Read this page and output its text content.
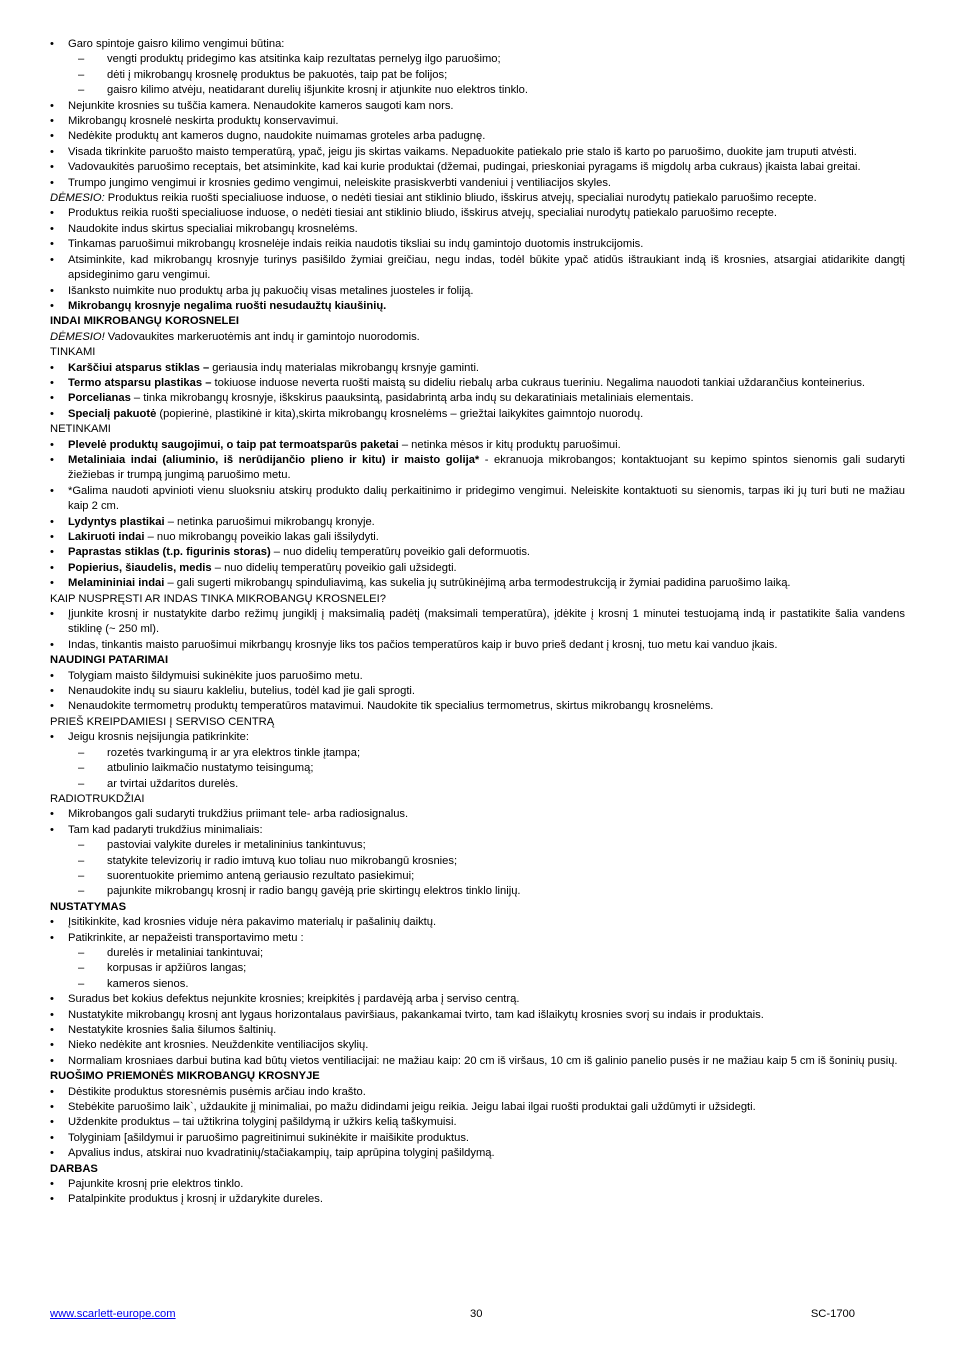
• Garo spintoje gaisro kilimo vengimui būtina:
– vengti produktų pridegimo kas atsitinka kaip rezultatas pernelyg ilgo paruošimo;
– dėti į mikrobangų krosnelę produktus be pakuotės, taip pat be folijos;
– gaisro kilimo atvėju, neatidarant durelių išjunkite krosnį ir atjunkite nuo elektros tinklo.
• Nejunkite krosnies su tuščia kamera. Nenaudokite kameros saugoti kam nors.
• Mikrobangų krosnelė neskirta produktų konservavimui.
• Nedėkite produktų ant kameros dugno, naudokite nuimamas groteles arba padugnę.
• Visada tikrinkite paruošto maisto temperatūrą, ypač, jeigu jis skirtas vaikams. Nepaduokite patiekalo prie stalo iš karto po paruošimo, duokite jam truputi atvėsti.
• Vadovaukitės paruošimo receptais, bet atsiminkite, kad kai kurie produktai (džemai, pudingai, prieskoniai pyragams iš migdolų arba cukraus) įkaista labai greitai.
• Trumpo jungimo vengimui ir krosnies gedimo vengimui, neleiskite prasiskverbti vandeniui į ventiliacijos skyles.
DĖMESIO: Produktus reikia ruošti specialiuose induose, o nedėti tiesiai ant stiklinio bliudo, išskirus atvejų, specialiai nurodytų patiekalo paruošimo recepte.
• Produktus reikia ruošti specialiuose induose, o nedėti tiesiai ant stiklinio bliudo, išskirus atvejų, specialiai nurodytų patiekalo paruošimo recepte.
• Naudokite indus skirtus specialiai mikrobangų krosnelėms.
• Tinkamas paruošimui mikrobangų krosnelėje indais reikia naudotis tiksliai su indų gamintojo duotomis instrukcijomis.
• Atsiminkite, kad mikrobangų krosnyje turinys pasišildo žymiai greičiau, negu indas, todėl būkite ypač atidūs ištraukiant indą iš krosnies, atsargiai atidarikite dangtį apsideginimo garu vengimui.
• Išanksto nuimkite nuo produktų arba jų pakuočių visas metalines juosteles ir foliją.
• Mikrobangų krosnyje negalima ruošti nesudaužtų kiaušinių.
INDAI MIKROBANGŲ KOROSNELEI
DĖMESIO! Vadovaukites markeruotėmis ant indų ir gamintojo nuorodomis.
TINKAMI
• Karščiui atsparus stiklas – geriausia indų materialas mikrobangų krsnyje gaminti.
• Termo atsparsu plastikas – tokiuose induose neverta ruošti maistą su dideliu riebalų arba cukraus tueriniu. Negalima nauodoti tankiai uždarančius konteinerius.
• Porcelianas – tinka mikrobangų krosnyje, iškskirus paauksintą, pasidabrintą arba indų su dekaratiniais metaliniais elementais.
• Specialį pakuotė (popierinė, plastikinė ir kita),skirta mikrobangų krosnelėms – griežtai laikykites gaimntojo nuorodų.
NETINKAMI
• Plevelė produktų saugojimui, o taip pat termoatsparūs paketai – netinka mėsos ir kitų produktų paruošimui.
• Metaliniaia indai (aliuminio, iš nerūdijančio plieno ir kitu) ir maisto golija* - ekranuoja mikrobangos; kontaktuojant su kepimo spintos sienomis gali sudaryti žiežiebas ir trumpą jungimą paruošimo metu.
• *Galima naudoti apvinioti vienu sluoksniu atskirų produkto dalių perkaitinimo ir pridegimo vengimui. Neleiskite kontaktuoti su sienomis, tarpas iki jų turi buti ne mažiau kaip 2 cm.
• Lydyntys plastikai – netinka paruošimui mikrobangų kronyje.
• Lakiruoti indai – nuo mikrobangų poveikio lakas gali išsilydyti.
• Paprastas stiklas (t.p. figurinis storas) – nuo didelių temperatūrų poveikio gali deformuotis.
• Popierius, šiaudelis, medis – nuo didelių temperatūrų poveikio gali užsidegti.
• Melamininiai indai – gali sugerti mikrobangų spinduliavimą, kas sukelia jų sutrūkinėjimą arba termodestrukciją ir žymiai padidina paruošimo laiką.
KAIP NUSPRĘSTI AR INDAS TINKA MIKROBANGŲ KROSNELEI?
• Įjunkite krosnį ir nustatykite darbo režimų jungiklį į maksimalią padėtį (maksimali temperatūra), įdėkite į krosnį 1 minutei testuojamą indą ir pastatikite šalia vandens stiklinę (~ 250 ml).
• Indas, tinkantis maisto paruošimui mikrbangų krosnyje liks tos pačios temperatūros kaip ir buvo prieš dedant į krosnį, tuo metu kai vanduo įkais.
NAUDINGI PATARIMAI
• Tolygiam maisto šildymuisi sukinėkite juos paruošimo metu.
• Nenaudokite indų su siauru kakleliu, butelius, todėl kad jie gali sprogti.
• Nenaudokite termometrų produktų temperatūros matavimui. Naudokite tik specialius termometrus, skirtus mikrobangų krosnelėms.
PRIEŠ KREIPDAMIESI Į SERVISO CENTRĄ
• Jeigu krosnis neįsijungia patikrinkite:
– rozetės tvarkingumą ir ar yra elektros tinkle įtampa;
– atbulinio laikmačio nustatymo teisingumą;
– ar tvirtai uždaritos durelės.
RADIOTRUKDŽIAI
• Mikrobangos gali sudaryti trukdžius priimant tele- arba radiosignalus.
• Tam kad padaryti trukdžius minimaliais:
– pastoviai valykite dureles ir metalininius tankintuvus;
– statykite televizorių ir radio imtuvą kuo toliau nuo mikrobangū krosnies;
– suorentuokite priemimo anteną geriausio rezultato pasiekimui;
– pajunkite mikrobangų krosnį ir radio bangų gavėją prie skirtingų elektros tinklo linijų.
NUSTATYMAS
• Įsitikinkite, kad krosnies viduje nėra pakavimo materialų ir pašalinių daiktų.
• Patikrinkite, ar nepažeisti transportavimo metu :
– durelės ir metaliniai tankintuvai;
– korpusas ir apžiūros langas;
– kameros sienos.
• Suradus bet kokius defektus nejunkite krosnies; kreipkitės į pardavėją arba į serviso centrą.
• Nustatykite mikrobangų krosnį ant lygaus horizontalaus paviršiaus, pakankamai tvirto, tam kad išlaikytų krosnies svorį su indais ir produktais.
• Nestatykite krosnies šalia šilumos šaltinių.
• Nieko nedėkite ant krosnies. Neuždenkite ventiliacijos skylių.
• Normaliam krosniaes darbui butina kad būtų vietos ventiliacijai: ne mažiau kaip: 20 cm iš viršaus, 10 cm iš galinio panelio pusės ir ne mažiau kaip 5 cm iš šoninių pusių.
RUOŠIMO PRIEMONĖS MIKROBANGŲ KROSNYJE
• Dėstikite produktus storesnėmis pusėmis arčiau indo krašto.
• Stebėkite paruošimo laik`, uždaukite jį minimaliai, po mažu didindami jeigu reikia. Jeigu labai ilgai ruošti produktai gali uždūmyti ir užsidegti.
• Uždenkite produktus – tai užtikrina tolyginį pašildymą ir užkirs kelią taškymuisi.
• Tolyginiam [ašildymui ir paruošimo pagreitinimui sukinėkite ir maišikite produktus.
• Apvalius indus, atskirai nuo kvadratinių/stačiakampių, taip aprūpina tolyginį pašildymą.
DARBAS
• Pajunkite krosnį prie elektros tinklo.
• Patalpinkite produktus į krosnį ir uždarykite dureles.
www.scarlett-europe.com	30	SC-1700
